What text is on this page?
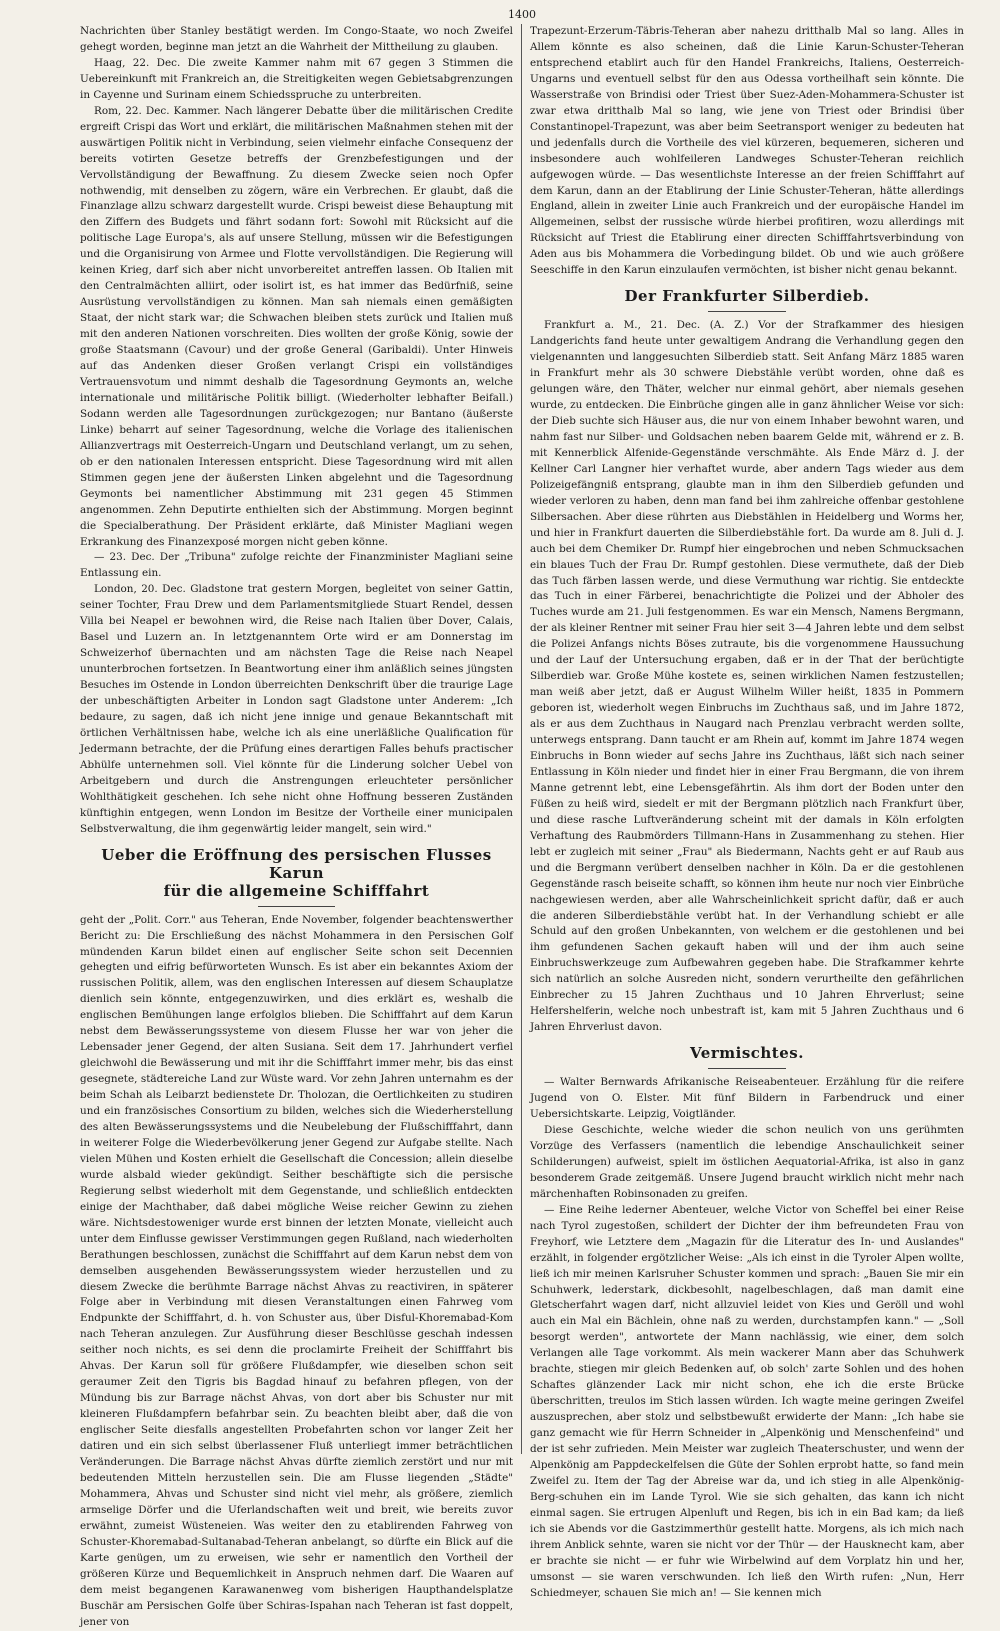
1400

Nachrichten über Stanley bestätigt werden. Im Congo-Staate, wo noch Zweifel gehegt worden, beginne man jetzt an die Wahrheit der Mittheilung zu glauben.

Haag, 22. Dec. Die zweite Kammer nahm mit 67 gegen 3 Stimmen die Uebereinkunft mit Frankreich an, die Streitigkeiten wegen Gebietsabgrenzungen in Cayenne und Surinam einem Schiedsspruche zu unterbreiten.

Rom, 22. Dec. Kammer. Nach längerer Debatte über die militärischen Credite ergreift Crispi das Wort und erklärt, die militärischen Maßnahmen stehen mit der auswärtigen Politik nicht in Verbindung, seien vielmehr einfache Consequenz der bereits votirten Gesetze betreffs der Grenzbefestigungen und der Vervollständigung der Bewaffnung. Zu diesem Zwecke seien noch Opfer nothwendig, mit denselben zu zögern, wäre ein Verbrechen. Er glaubt, daß die Finanzlage allzu schwarz dargestellt wurde. Crispi beweist diese Behauptung mit den Ziffern des Budgets und fährt sodann fort: Sowohl mit Rücksicht auf die politische Lage Europa's, als auf unsere Stellung, müssen wir die Befestigungen und die Organisirung von Armee und Flotte vervollständigen. Die Regierung will keinen Krieg, darf sich aber nicht unvorbereitet antreffen lassen. Ob Italien mit den Centralmächten alliirt, oder isolirt ist, es hat immer das Bedürfniß, seine Ausrüstung vervollständigen zu können. Man sah niemals einen gemäßigten Staat, der nicht stark war; die Schwachen bleiben stets zurück und Italien muß mit den anderen Nationen vorschreiten. Dies wollten der große König, sowie der große Staatsmann (Cavour) und der große General (Garibaldi). Unter Hinweis auf das Andenken dieser Großen verlangt Crispi ein vollständiges Vertrauensvotum und nimmt deshalb die Tagesordnung Geymonts an, welche internationale und militärische Politik billigt. (Wiederholter lebhafter Beifall.) Sodann werden alle Tagesordnungen zurückgezogen; nur Bantano (äußerste Linke) beharrt auf seiner Tagesordnung, welche die Vorlage des italienischen Allianzvertrags mit Oesterreich-Ungarn und Deutschland verlangt, um zu sehen, ob er den nationalen Interessen entspricht. Diese Tagesordnung wird mit allen Stimmen gegen jene der äußersten Linken abgelehnt und die Tagesordnung Geymonts bei namentlicher Abstimmung mit 231 gegen 45 Stimmen angenommen. Zehn Deputirte enthielten sich der Abstimmung. Morgen beginnt die Specialberathung. Der Präsident erklärte, daß Minister Magliani wegen Erkrankung des Finanzexposé morgen nicht geben könne.

— 23. Dec. Der „Tribuna" zufolge reichte der Finanzminister Magliani seine Entlassung ein.

London, 20. Dec. Gladstone trat gestern Morgen, begleitet von seiner Gattin, seiner Tochter, Frau Drew und dem Parlamentsmitgliede Stuart Rendel, dessen Villa bei Neapel er bewohnen wird, die Reise nach Italien über Dover, Calais, Basel und Luzern an. In letztgenanntem Orte wird er am Donnerstag im Schweizerhof übernachten und am nächsten Tage die Reise nach Neapel ununterbrochen fortsetzen. In Beantwortung einer ihm anläßlich seines jüngsten Besuches im Ostende in London überreichten Denkschrift über die traurige Lage der unbeschäftigten Arbeiter in London sagt Gladstone unter Anderem: „Ich bedaure, zu sagen, daß ich nicht jene innige und genaue Bekanntschaft mit örtlichen Verhältnissen habe, welche ich als eine unerläßliche Qualification für Jedermann betrachte, der die Prüfung eines derartigen Falles behufs practischer Abhülfe unternehmen soll. Viel könnte für die Linderung solcher Uebel von Arbeitgebern und durch die Anstrengungen erleuchteter persönlicher Wohlthätigkeit geschehen. Ich sehe nicht ohne Hoffnung besseren Zuständen künftighin entgegen, wenn London im Besitze der Vortheile einer municipalen Selbstverwaltung, die ihm gegenwärtig leider mangelt, sein wird."

Ueber die Eröffnung des persischen Flusses Karun
für die allgemeine Schifffahrt

geht der „Polit. Corr." aus Teheran, Ende November, folgender beachtenswerther Bericht zu: Die Erschließung des nächst Mohammera in den Persischen Golf mündenden Karun bildet einen auf englischer Seite schon seit Decennien gehegten und eifrig befürworteten Wunsch. Es ist aber ein bekanntes Axiom der russischen Politik, allem, was den englischen Interessen auf diesem Schauplatze dienlich sein könnte, entgegenzuwirken, und dies erklärt es, weshalb die englischen Bemühungen lange erfolglos blieben. Die Schifffahrt auf dem Karun nebst dem Bewässerungssysteme von diesem Flusse her war von jeher die Lebensader jener Gegend, der alten Susiana. Seit dem 17. Jahrhundert verfiel gleichwohl die Bewässerung und mit ihr die Schifffahrt immer mehr, bis das einst gesegnete, städtereiche Land zur Wüste ward. Vor zehn Jahren unternahm es der beim Schah als Leibarzt bedienstete Dr. Tholozan, die Oertlichkeiten zu studiren und ein französisches Consortium zu bilden, welches sich die Wiederherstellung des alten Bewässerungssystems und die Neubelebung der Flußschifffahrt, dann in weiterer Folge die Wiederbevölkerung jener Gegend zur Aufgabe stellte. Nach vielen Mühen und Kosten erhielt die Gesellschaft die Concession; allein dieselbe wurde alsbald wieder gekündigt. Seither beschäftigte sich die persische Regierung selbst wiederholt mit dem Gegenstande, und schließlich entdeckten einige der Machthaber, daß dabei mögliche Weise reicher Gewinn zu ziehen wäre. Nichtsdestoweniger wurde erst binnen der letzten Monate, vielleicht auch unter dem Einflusse gewisser Verstimmungen gegen Rußland, nach wiederholten Berathungen beschlossen, zunächst die Schifffahrt auf dem Karun nebst dem von demselben ausgehenden Bewässerungssystem wieder herzustellen und zu diesem Zwecke die berühmte Barrage nächst Ahvas zu reactiviren, in späterer Folge aber in Verbindung mit diesen Veranstaltungen einen Fahrweg vom Endpunkte der Schifffahrt, d. h. von Schuster aus, über Disful-Khoremabad-Kom nach Teheran anzulegen. Zur Ausführung dieser Beschlüsse geschah indessen seither noch nichts, es sei denn die proclamirte Freiheit der Schifffahrt bis Ahvas. Der Karun soll für größere Flußdampfer, wie dieselben schon seit geraumer Zeit den Tigris bis Bagdad hinauf zu befahren pflegen, von der Mündung bis zur Barrage nächst Ahvas, von dort aber bis Schuster nur mit kleineren Flußdampfern befahrbar sein. Zu beachten bleibt aber, daß die von englischer Seite diesfalls angestellten Probefahrten schon vor langer Zeit her datiren und ein sich selbst überlassener Fluß unterliegt immer beträchtlichen Veränderungen. Die Barrage nächst Ahvas dürfte ziemlich zerstört und nur mit bedeutenden Mitteln herzustellen sein. Die am Flusse liegenden „Städte" Mohammera, Ahvas und Schuster sind nicht viel mehr, als größere, ziemlich armselige Dörfer und die Uferlandschaften weit und breit, wie bereits zuvor erwähnt, zumeist Wüsteneien. Was weiter den zu etablirenden Fahrweg von Schuster-Khoremabad-Sultanabad-Teheran anbelangt, so dürfte ein Blick auf die Karte genügen, um zu erweisen, wie sehr er namentlich den Vortheil der größeren Kürze und Bequemlichkeit in Anspruch nehmen darf. Die Waaren auf dem meist begangenen Karawanenweg vom bisherigen Haupthandelsplatze Buschär am Persischen Golfe über Schiras-Ispahan nach Teheran ist fast doppelt, jener von

Trapezunt-Erzerum-Täbris-Teheran aber nahezu dritthalb Mal so lang. Alles in Allem könnte es also scheinen, daß die Linie Karun-Schuster-Teheran entsprechend etablirt auch für den Handel Frankreichs, Italiens, Oesterreich-Ungarns und eventuell selbst für den aus Odessa vortheilhaft sein könnte. Die Wasserstraße von Brindisi oder Triest über Suez-Aden-Mohammera-Schuster ist zwar etwa dritthalb Mal so lang, wie jene von Triest oder Brindisi über Constantinopel-Trapezunt, was aber beim Seetransport weniger zu bedeuten hat und jedenfalls durch die Vortheile des viel kürzeren, bequemeren, sicheren und insbesondere auch wohlfeileren Landweges Schuster-Teheran reichlich aufgewogen würde. — Das wesentlichste Interesse an der freien Schifffahrt auf dem Karun, dann an der Etablirung der Linie Schuster-Teheran, hätte allerdings England, allein in zweiter Linie auch Frankreich und der europäische Handel im Allgemeinen, selbst der russische würde hierbei profitiren, wozu allerdings mit Rücksicht auf Triest die Etablirung einer directen Schifffahrtsverbindung von Aden aus bis Mohammera die Vorbedingung bildet. Ob und wie auch größere Seeschiffe in den Karun einzulaufen vermöchten, ist bisher nicht genau bekannt.

Der Frankfurter Silberdieb.

Frankfurt a. M., 21. Dec. (A. Z.) Vor der Strafkammer des hiesigen Landgerichts fand heute unter gewaltigem Andrang die Verhandlung gegen den vielgenannten und langgesuchten Silberdieb statt. Seit Anfang März 1885 waren in Frankfurt mehr als 30 schwere Diebstähle verübt worden, ohne daß es gelungen wäre, den Thäter, welcher nur einmal gehört, aber niemals gesehen wurde, zu entdecken. Die Einbrüche gingen alle in ganz ähnlicher Weise vor sich: der Dieb suchte sich Häuser aus, die nur von einem Inhaber bewohnt waren, und nahm fast nur Silber- und Goldsachen neben baarem Gelde mit, während er z. B. mit Kennerblick Alfenide-Gegenstände verschmähte. Als Ende März d. J. der Kellner Carl Langner hier verhaftet wurde, aber andern Tags wieder aus dem Polizeigefängniß entsprang, glaubte man in ihm den Silberdieb gefunden und wieder verloren zu haben, denn man fand bei ihm zahlreiche offenbar gestohlene Silbersachen. Aber diese rührten aus Diebstählen in Heidelberg und Worms her, und hier in Frankfurt dauerten die Silberdiebstähle fort. Da wurde am 8. Juli d. J. auch bei dem Chemiker Dr. Rumpf hier eingebrochen und neben Schmucksachen ein blaues Tuch der Frau Dr. Rumpf gestohlen. Diese vermuthete, daß der Dieb das Tuch färben lassen werde, und diese Vermuthung war richtig. Sie entdeckte das Tuch in einer Färberei, benachrichtigte die Polizei und der Abholer des Tuches wurde am 21. Juli festgenommen. Es war ein Mensch, Namens Bergmann, der als kleiner Rentner mit seiner Frau hier seit 3—4 Jahren lebte und dem selbst die Polizei Anfangs nichts Böses zutraute, bis die vorgenommene Haussuchung und der Lauf der Untersuchung ergaben, daß er in der That der berüchtigte Silberdieb war. Große Mühe kostete es, seinen wirklichen Namen festzustellen; man weiß aber jetzt, daß er August Wilhelm Willer heißt, 1835 in Pommern geboren ist, wiederholt wegen Einbruchs im Zuchthaus saß, und im Jahre 1872, als er aus dem Zuchthaus in Naugard nach Prenzlau verbracht werden sollte, unterwegs entsprang. Dann taucht er am Rhein auf, kommt im Jahre 1874 wegen Einbruchs in Bonn wieder auf sechs Jahre ins Zuchthaus, läßt sich nach seiner Entlassung in Köln nieder und findet hier in einer Frau Bergmann, die von ihrem Manne getrennt lebt, eine Lebensgefährtin. Als ihm dort der Boden unter den Füßen zu heiß wird, siedelt er mit der Bergmann plötzlich nach Frankfurt über, und diese rasche Luftveränderung scheint mit der damals in Köln erfolgten Verhaftung des Raubmörders Tillmann-Hans in Zusammenhang zu stehen. Hier lebt er zugleich mit seiner „Frau" als Biedermann, Nachts geht er auf Raub aus und die Bergmann verübert denselben nachher in Köln. Da er die gestohlenen Gegenstände rasch beiseite schafft, so können ihm heute nur noch vier Einbrüche nachgewiesen werden, aber alle Wahrscheinlichkeit spricht dafür, daß er auch die anderen Silberdiebstähle verübt hat. In der Verhandlung schiebt er alle Schuld auf den großen Unbekannten, von welchem er die gestohlenen und bei ihm gefundenen Sachen gekauft haben will und der ihm auch seine Einbruchswerkzeuge zum Aufbewahren gegeben habe. Die Strafkammer kehrte sich natürlich an solche Ausreden nicht, sondern verurtheilte den gefährlichen Einbrecher zu 15 Jahren Zuchthaus und 10 Jahren Ehrverlust; seine Helfershelferin, welche noch unbestraft ist, kam mit 5 Jahren Zuchthaus und 6 Jahren Ehrverlust davon.

Vermischtes.

— Walter Bernwards Afrikanische Reiseabenteuer. Erzählung für die reifere Jugend von O. Elster. Mit fünf Bildern in Farbendruck und einer Uebersichtskarte. Leipzig, Voigtländer.

Diese Geschichte, welche wieder die schon neulich von uns gerühmten Vorzüge des Verfassers (namentlich die lebendige Anschaulichkeit seiner Schilderungen) aufweist, spielt im östlichen Aequatorial-Afrika, ist also in ganz besonderem Grade zeitgemäß. Unsere Jugend braucht wirklich nicht mehr nach märchenhaften Robinsonaden zu greifen.

— Eine Reihe lederner Abenteuer, welche Victor von Scheffel bei einer Reise nach Tyrol zugestoßen, schildert der Dichter der ihm befreundeten Frau von Freyhorf, wie Letztere dem „Magazin für die Literatur des In- und Auslandes" erzählt, in folgender ergötzlicher Weise: „Als ich einst in die Tyroler Alpen wollte, ließ ich mir meinen Karlsruher Schuster kommen und sprach: „Bauen Sie mir ein Schuhwerk, lederstark, dickbesohlt, nagelbeschlagen, daß man damit eine Gletscherfahrt wagen darf, nicht allzuviel leidet von Kies und Geröll und wohl auch ein Mal ein Bächlein, ohne naß zu werden, durchstampfen kann." — „Soll besorgt werden", antwortete der Mann nachlässig, wie einer, dem solch Verlangen alle Tage vorkommt. Als mein wackerer Mann aber das Schuhwerk brachte, stiegen mir gleich Bedenken auf, ob solch' zarte Sohlen und des hohen Schaftes glänzender Lack mir nicht schon, ehe ich die erste Brücke überschritten, treulos im Stich lassen würden. Ich wagte meine geringen Zweifel auszusprechen, aber stolz und selbstbewußt erwiderte der Mann: „Ich habe sie ganz gemacht wie für Herrn Schneider in „Alpenkönig und Menschenfeind" und der ist sehr zufrieden. Mein Meister war zugleich Theaterschuster, und wenn der Alpenkönig am Pappdeckelfelsen die Güte der Sohlen erprobt hatte, so fand mein Zweifel zu. Item der Tag der Abreise war da, und ich stieg in alle Alpenkönig-Berg-schuhen ein im Lande Tyrol. Wie sie sich gehalten, das kann ich nicht einmal sagen. Sie ertrugen Alpenluft und Regen, bis ich in ein Bad kam; da ließ ich sie Abends vor die Gastzimmerthür gestellt hatte. Morgens, als ich mich nach ihrem Anblick sehnte, waren sie nicht vor der Thür — der Hausknecht kam, aber er brachte sie nicht — er fuhr wie Wirbelwind auf dem Vorplatz hin und her, umsonst — sie waren verschwunden. Ich ließ den Wirth rufen: „Nun, Herr Schiedmeyer, schauen Sie mich an! — Sie kennen mich
